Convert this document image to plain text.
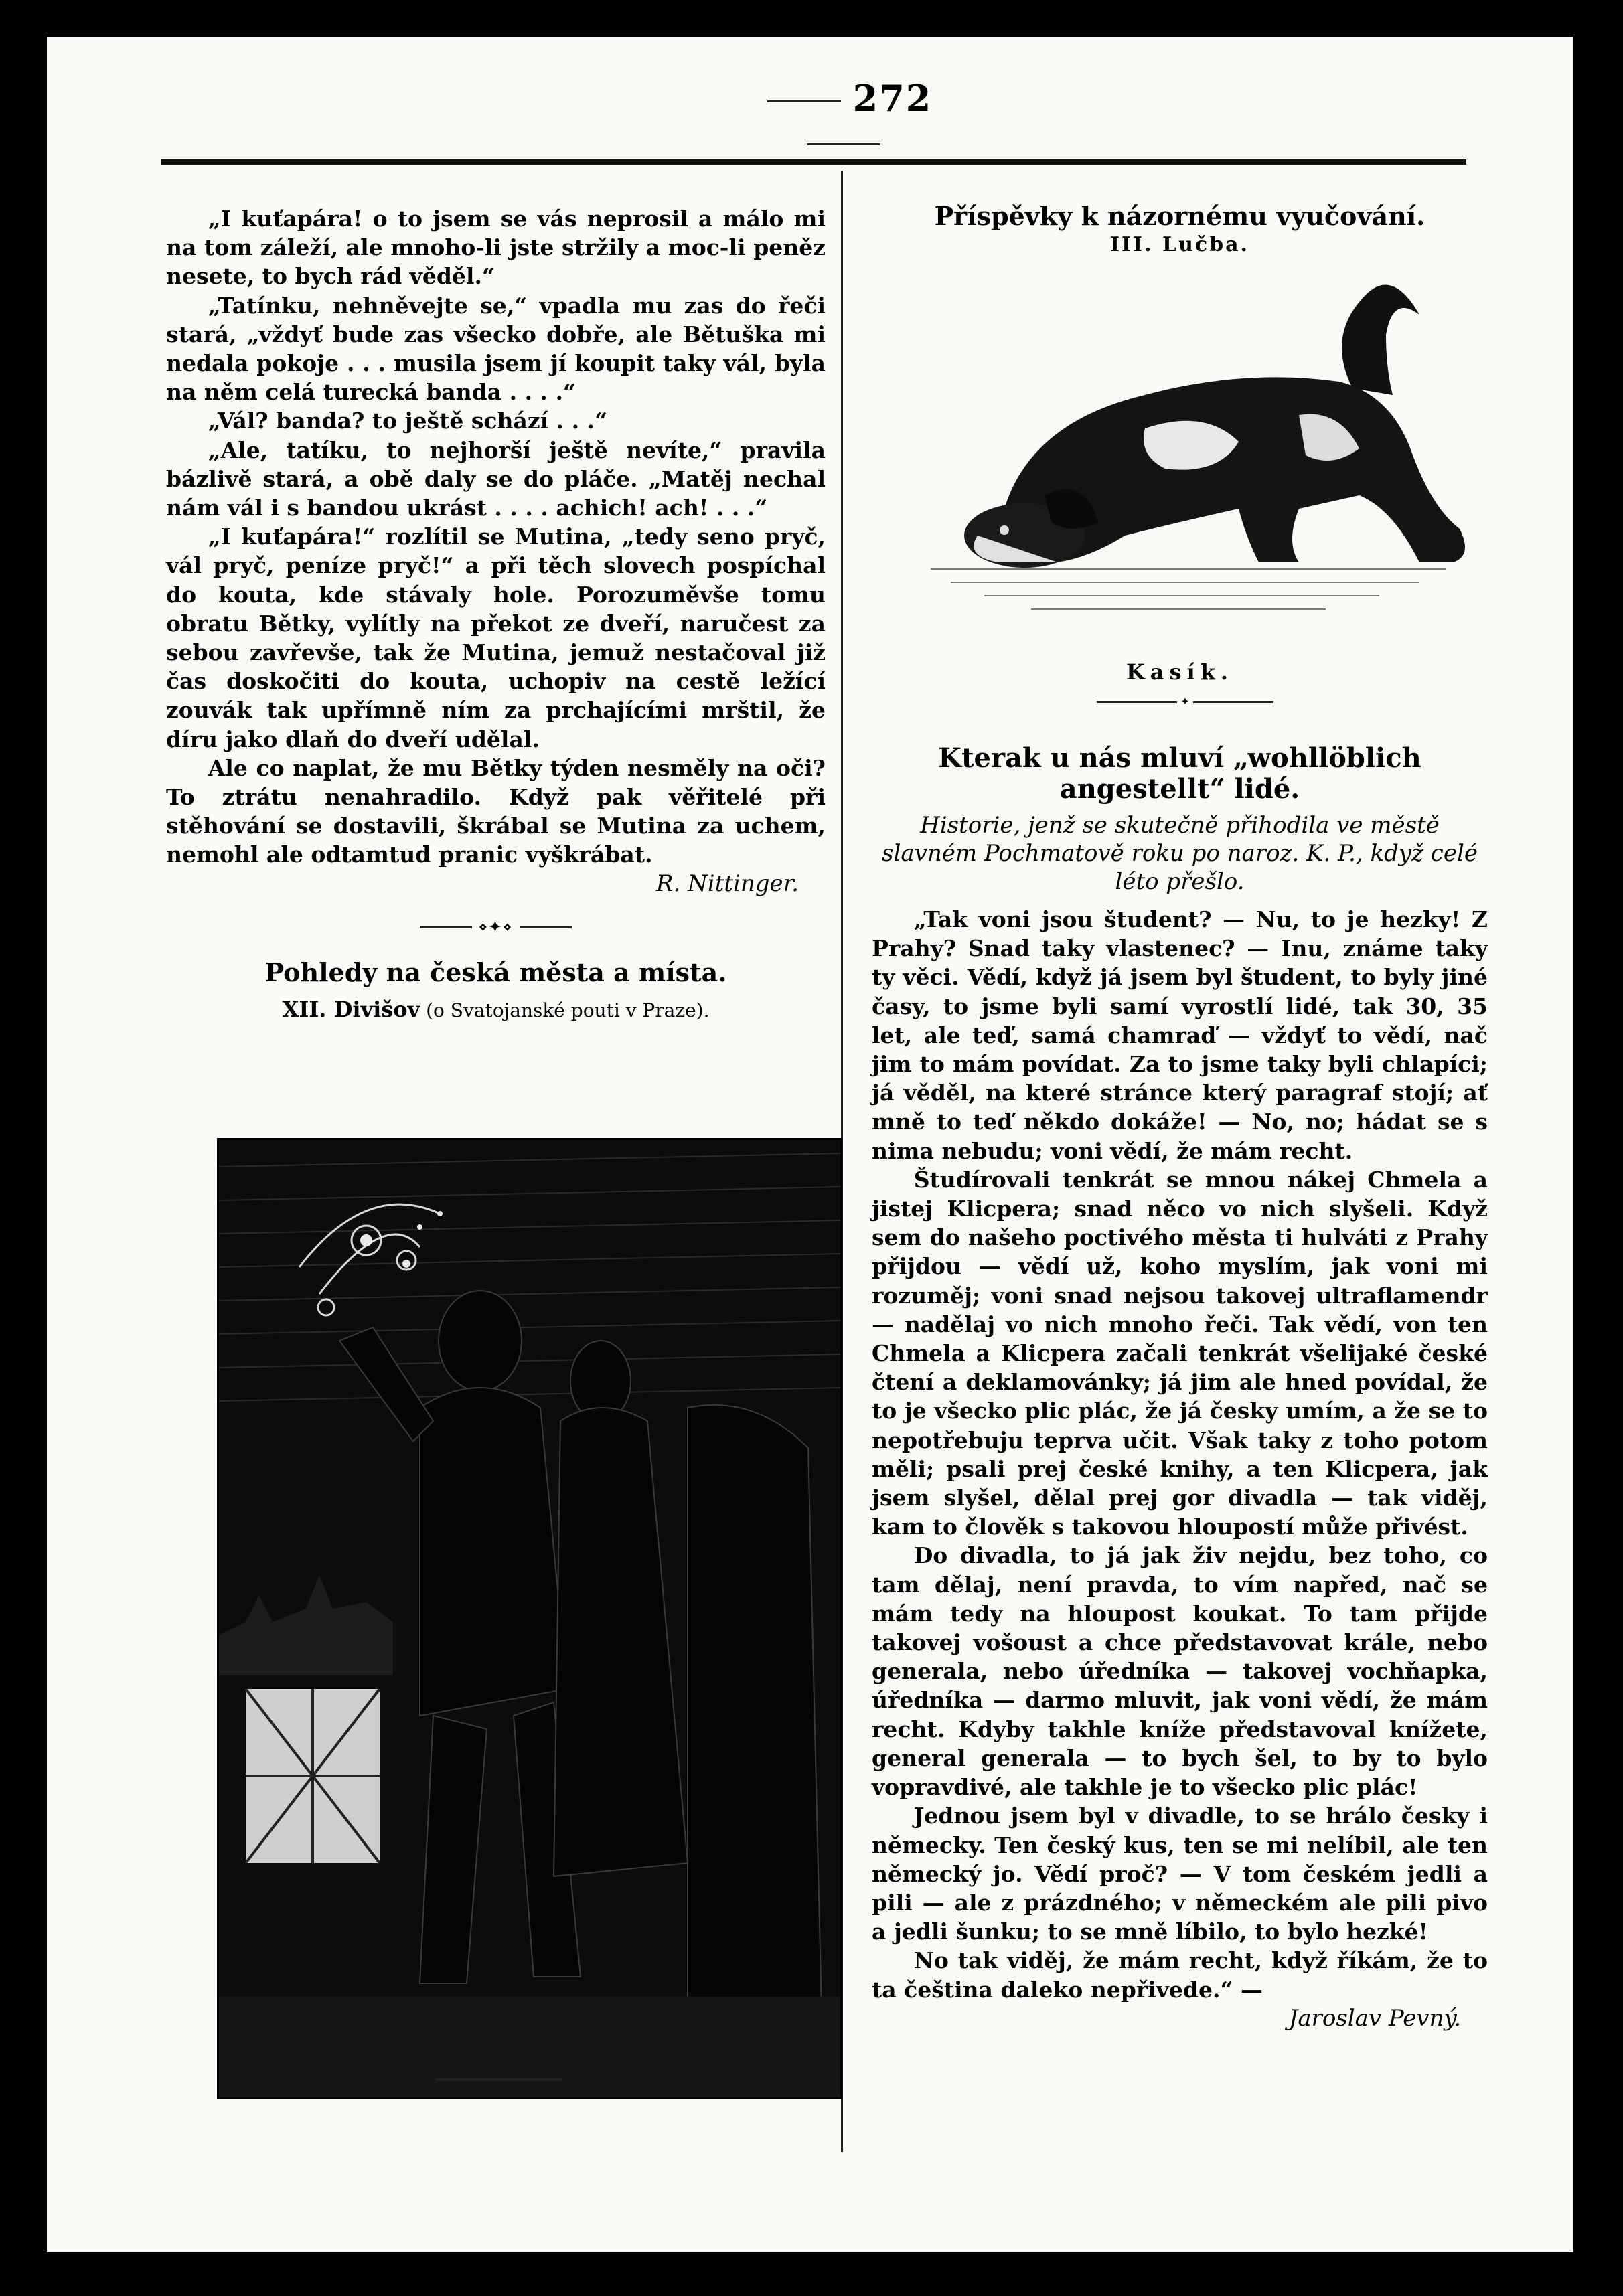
272

„I kuťapára! o to jsem se vás neprosil a málo mi na tom záleží, ale mnoho-li jste stržily a moc-li peněz nesete, to bych rád věděl.“

„Tatínku, nehněvejte se,“ vpadla mu zas do řeči stará, „vždyť bude zas všecko dobře, ale Bětuška mi nedala pokoje . . . musila jsem jí koupit taky vál, byla na něm celá turecká banda . . . .“

„Vál? banda? to ještě schází . . .“

„Ale, tatíku, to nejhorší ještě nevíte,“ pravila bázlivě stará, a obě daly se do pláče. „Matěj nechal nám vál i s bandou ukrást . . . . achich! ach! . . .“

„I kuťapára!“ rozlítil se Mutina, „tedy seno pryč, vál pryč, peníze pryč!“ a při těch slovech pospíchal do kouta, kde stávaly hole. Porozuměvše tomu obratu Bětky, vylítly na překot ze dveří, naručest za sebou zavřevše, tak že Mutina, jemuž nestačoval již čas doskočiti do kouta, uchopiv na cestě ležící zouvák tak upřímně ním za prchajícími mrštil, že díru jako dlaň do dveří udělal.

Ale co naplat, že mu Bětky týden nesměly na oči? To ztrátu nenahradilo. Když pak věřitelé při stěhování se dostavili, škrábal se Mutina za uchem, nemohl ale odtamtud pranic vyškrábat.

R. Nittinger.
⋄✦⋄
Pohledy na česká města a místa.
XII. Divišov (o Svatojanské pouti v Praze).
Příspěvky k názornému vyučování.
III. Lučba.
Kasík.
✦
Kterak u nás mluví „wohllöblich angestellt“ lidé.
Historie, jenž se skutečně přihodila ve městě slavném Pochmatově roku po naroz. K. P., když celé léto přešlo.

„Tak voni jsou študent? — Nu, to je hezky! Z Prahy? Snad taky vlastenec? — Inu, známe taky ty věci. Vědí, když já jsem byl študent, to byly jiné časy, to jsme byli samí vyrostlí lidé, tak 30, 35 let, ale teď, samá chamraď — vždyť to vědí, nač jim to mám povídat. Za to jsme taky byli chlapíci; já věděl, na které stránce který paragraf stojí; ať mně to teď někdo dokáže! — No, no; hádat se s nima nebudu; voni vědí, že mám recht.

Študírovali tenkrát se mnou nákej Chmela a jistej Klicpera; snad něco vo nich slyšeli. Když sem do našeho poctivého města ti hulváti z Prahy přijdou — vědí už, koho myslím, jak voni mi rozuměj; voni snad nejsou takovej ultraflamendr — nadělaj vo nich mnoho řeči. Tak vědí, von ten Chmela a Klicpera začali tenkrát všelijaké české čtení a deklamovánky; já jim ale hned povídal, že to je všecko plic plác, že já česky umím, a že se to nepotřebuju teprva učit. Však taky z toho potom měli; psali prej české knihy, a ten Klicpera, jak jsem slyšel, dělal prej gor divadla — tak viděj, kam to člověk s takovou hloupostí může přivést.

Do divadla, to já jak živ nejdu, bez toho, co tam dělaj, není pravda, to vím napřed, nač se mám tedy na hloupost koukat. To tam přijde takovej vošoust a chce představovat krále, nebo generala, nebo úředníka — takovej vochňapka, úředníka — darmo mluvit, jak voni vědí, že mám recht. Kdyby takhle kníže představoval knížete, general generala — to bych šel, to by to bylo vopravdivé, ale takhle je to všecko plic plác!

Jednou jsem byl v divadle, to se hrálo česky i německy. Ten český kus, ten se mi nelíbil, ale ten německý jo. Vědí proč? — V tom českém jedli a pili — ale z prázdného; v německém ale pili pivo a jedli šunku; to se mně líbilo, to bylo hezké!

No tak viděj, že mám recht, když říkám, že to ta čeština daleko nepřivede.“ —

Jaroslav Pevný.
